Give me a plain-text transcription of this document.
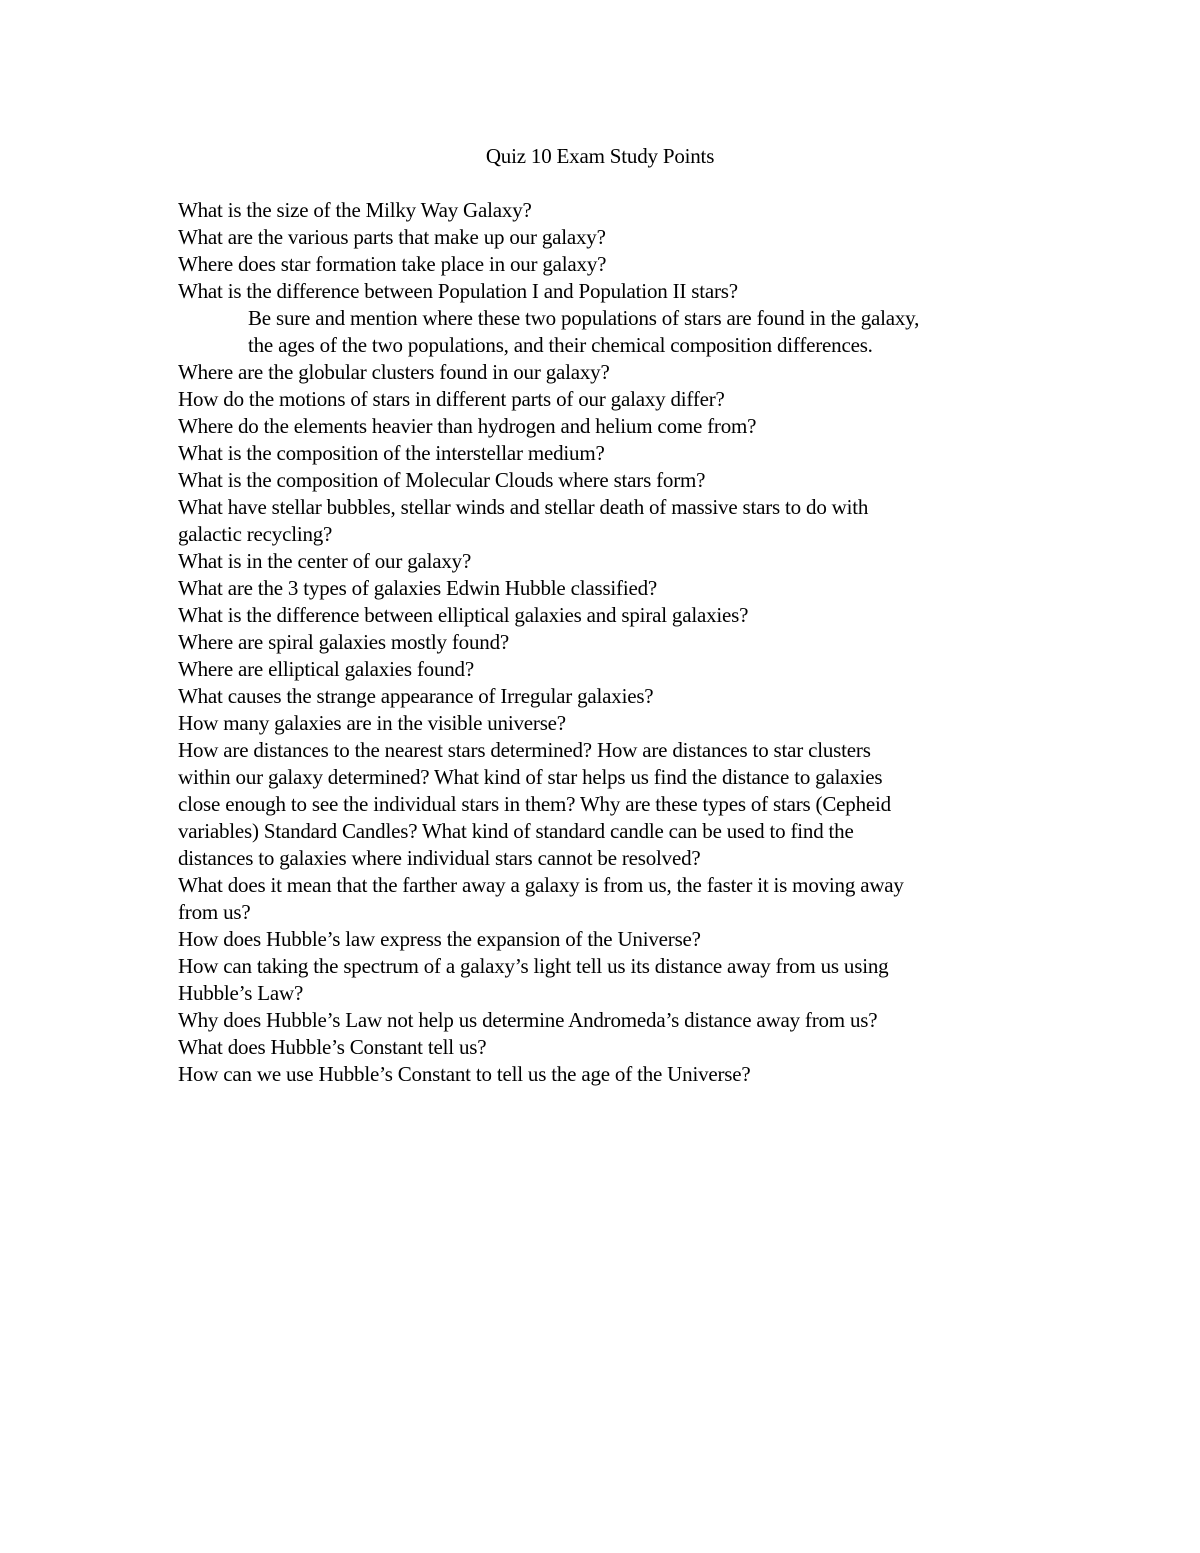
Quiz 10 Exam Study Points
What is the size of the Milky Way Galaxy?
What are the various parts that make up our galaxy?
Where does star formation take place in our galaxy?
What is the difference between Population I and Population II stars?
Be sure and mention where these two populations of stars are found in the galaxy,
the ages of the two populations, and their chemical composition differences.
Where are the globular clusters found in our galaxy?
How do the motions of stars in different parts of our galaxy differ?
Where do the elements heavier than hydrogen and helium come from?
What is the composition of the interstellar medium?
What is the composition of Molecular Clouds where stars form?
What have stellar bubbles, stellar winds and stellar death of massive stars to do with
galactic recycling?
What is in the center of our galaxy?
What are the 3 types of galaxies Edwin Hubble classified?
What is the difference between elliptical galaxies and spiral galaxies?
Where are spiral galaxies mostly found?
Where are elliptical galaxies found?
What causes the strange appearance of Irregular galaxies?
How many galaxies are in the visible universe?
How are distances to the nearest stars determined? How are distances to star clusters
within our galaxy determined? What kind of star helps us find the distance to galaxies
close enough to see the individual stars in them? Why are these types of stars (Cepheid
variables) Standard Candles? What kind of standard candle can be used to find the
distances to galaxies where individual stars cannot be resolved?
What does it mean that the farther away a galaxy is from us, the faster it is moving away
from us?
How does Hubble’s law express the expansion of the Universe?
How can taking the spectrum of a galaxy’s light tell us its distance away from us using
Hubble’s Law?
Why does Hubble’s Law not help us determine Andromeda’s distance away from us?
What does Hubble’s Constant tell us?
How can we use Hubble’s Constant to tell us the age of the Universe?
